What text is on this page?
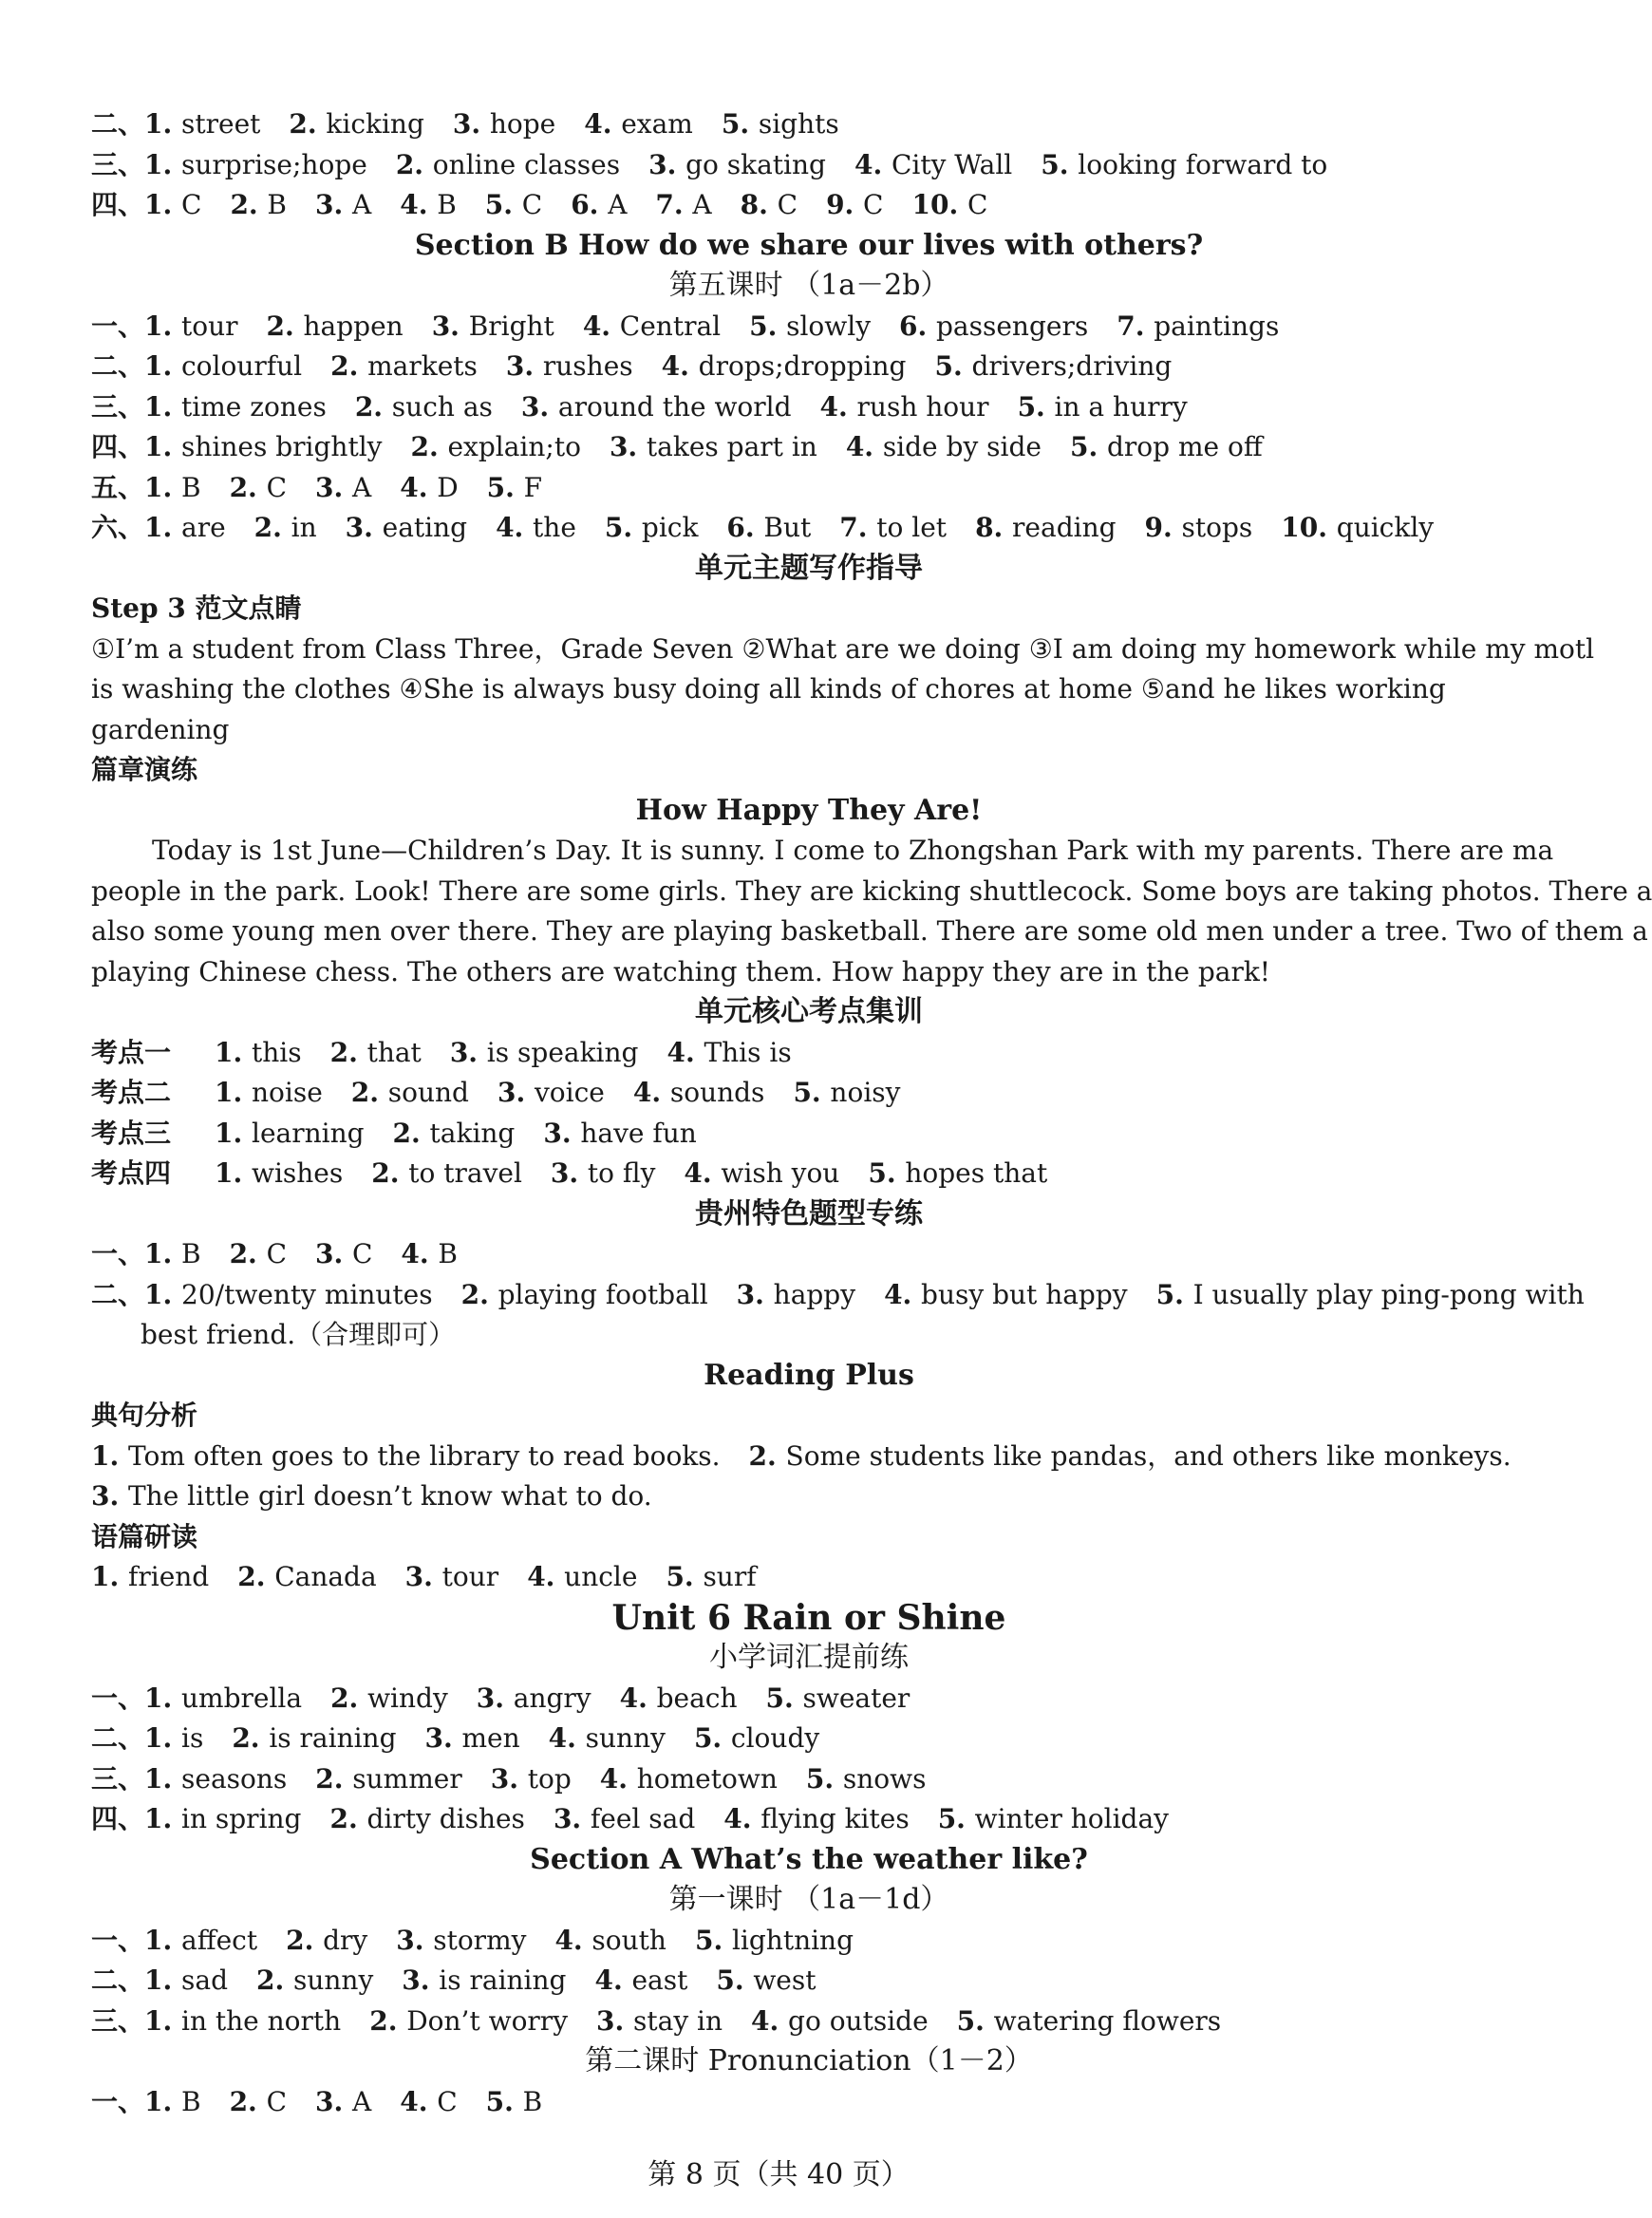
二、1. street 2. kicking 3. hope 4. exam 5. sights
三、1. surprise;hope 2. online classes 3. go skating 4. City Wall 5. looking forward to
四、1. C 2. B 3. A 4. B 5. C 6. A 7. A 8. C 9. C 10. C
Section B How do we share our lives with others?
第五课时 （1a－2b）
一、1. tour 2. happen 3. Bright 4. Central 5. slowly 6. passengers 7. paintings
二、1. colourful 2. markets 3. rushes 4. drops;dropping 5. drivers;driving
三、1. time zones 2. such as 3. around the world 4. rush hour 5. in a hurry
四、1. shines brightly 2. explain;to 3. takes part in 4. side by side 5. drop me off
五、1. B 2. C 3. A 4. D 5. F
六、1. are 2. in 3. eating 4. the 5. pick 6. But 7. to let 8. reading 9. stops 10. quickly
单元主题写作指导
Step 3 范文点睛
①I’m a student from Class Three，Grade Seven ②What are we doing ③I am doing my homework while my motl
is washing the clothes ④She is always busy doing all kinds of chores at home ⑤and he likes working
gardening
篇章演练
How Happy They Are!
Today is 1st June—Children’s Day. It is sunny. I come to Zhongshan Park with my parents. There are ma
people in the park. Look! There are some girls. They are kicking shuttlecock. Some boys are taking photos. There a
also some young men over there. They are playing basketball. There are some old men under a tree. Two of them a
playing Chinese chess. The others are watching them. How happy they are in the park!
单元核心考点集训
考点一 1. this 2. that 3. is speaking 4. This is
考点二 1. noise 2. sound 3. voice 4. sounds 5. noisy
考点三 1. learning 2. taking 3. have fun
考点四 1. wishes 2. to travel 3. to fly 4. wish you 5. hopes that
贵州特色题型专练
一、1. B 2. C 3. C 4. B
二、1. 20/twenty minutes 2. playing football 3. happy 4. busy but happy 5. I usually play ping-pong with
best friend.（合理即可）
Reading Plus
典句分析
1. Tom often goes to the library to read books. 2. Some students like pandas，and others like monkeys.
3. The little girl doesn’t know what to do.
语篇研读
1. friend 2. Canada 3. tour 4. uncle 5. surf
Unit 6 Rain or Shine
小学词汇提前练
一、1. umbrella 2. windy 3. angry 4. beach 5. sweater
二、1. is 2. is raining 3. men 4. sunny 5. cloudy
三、1. seasons 2. summer 3. top 4. hometown 5. snows
四、1. in spring 2. dirty dishes 3. feel sad 4. flying kites 5. winter holiday
Section A What’s the weather like?
第一课时 （1a－1d）
一、1. affect 2. dry 3. stormy 4. south 5. lightning
二、1. sad 2. sunny 3. is raining 4. east 5. west
三、1. in the north 2. Don’t worry 3. stay in 4. go outside 5. watering flowers
第二课时 Pronunciation（1－2）
一、1. B 2. C 3. A 4. C 5. B
第 8 页（共 40 页）
